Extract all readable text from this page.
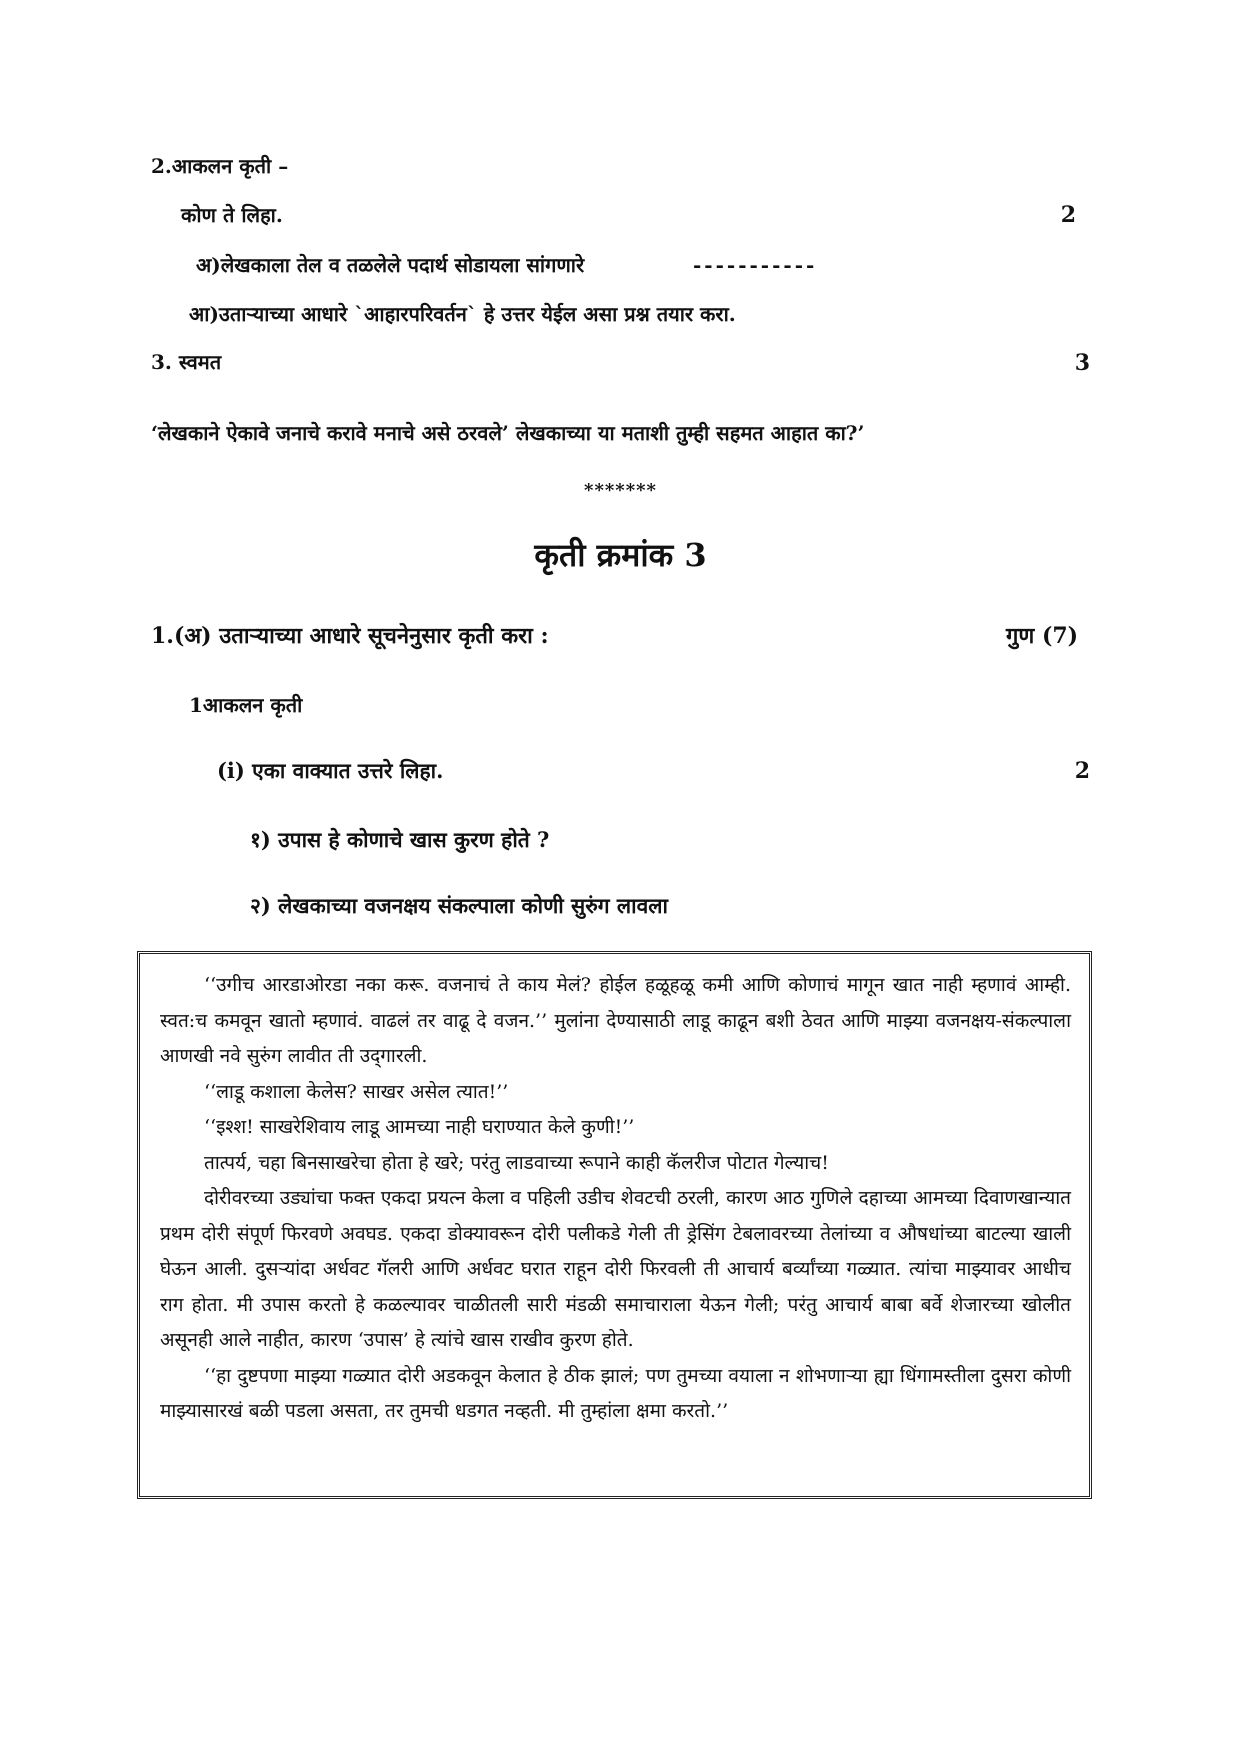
2.आकलन कृती –
कोण ते लिहा.	2
अ)लेखकाला तेल व तळलेले पदार्थ सोडायला सांगणारे	-----------
आ)उताऱ्याच्या आधारे `आहारपरिवर्तन` हे उत्तर येईल असा प्रश्न तयार करा.
3. स्वमत	3
‘लेखकाने ऐकावे जनाचे करावे मनाचे असे ठरवले’ लेखकाच्या या मताशी तुम्ही सहमत आहात का?’
*******
कृती क्रमांक 3
1.(अ) उताऱ्याच्या आधारे सूचनेनुसार कृती करा :	गुण (7)
1आकलन कृती
(i) एका वाक्यात उत्तरे लिहा.	2
१) उपास हे कोणाचे खास कुरण होते ?
२) लेखकाच्या वजनक्षय संकल्पाला कोणी सुरुंग लावला

‘‘उगीच आरडाओरडा नका करू. वजनाचं ते काय मेलं? होईल हळूहळू कमी आणि कोणाचं मागून खात नाही म्हणावं आम्ही. स्वत:च कमवून खातो म्हणावं. वाढलं तर वाढू दे वजन.’’ मुलांना देण्यासाठी लाडू काढून बशी ठेवत आणि माझ्या वजनक्षय-संकल्पाला आणखी नवे सुरुंग लावीत ती उद्‌गारली.

‘‘लाडू कशाला केलेस? साखर असेल त्यात!’’

‘‘इश्श! साखरेशिवाय लाडू आमच्या नाही घराण्यात केले कुणी!’’

तात्पर्य, चहा बिनसाखरेचा होता हे खरे; परंतु लाडवाच्या रूपाने काही कॅलरीज पोटात गेल्याच!

दोरीवरच्या उड्यांचा फक्त एकदा प्रयत्न केला व पहिली उडीच शेवटची ठरली, कारण आठ गुणिले दहाच्या आमच्या दिवाणखान्यात प्रथम दोरी संपूर्ण फिरवणे अवघड. एकदा डोक्यावरून दोरी पलीकडे गेली ती ड्रेसिंग टेबलावरच्या तेलांच्या व औषधांच्या बाटल्या खाली घेऊन आली. दुसऱ्यांदा अर्धवट गॅलरी आणि अर्धवट घरात राहून दोरी फिरवली ती आचार्य बर्व्यांच्या गळ्यात. त्यांचा माझ्यावर आधीच राग होता. मी उपास करतो हे कळल्यावर चाळीतली सारी मंडळी समाचाराला येऊन गेली; परंतु आचार्य बाबा बर्वे शेजारच्या खोलीत असूनही आले नाहीत, कारण ‘उपास’ हे त्यांचे खास राखीव कुरण होते.

‘‘हा दुष्टपणा माझ्या गळ्यात दोरी अडकवून केलात हे ठीक झालं; पण तुमच्या वयाला न शोभणाऱ्या ह्या धिंगामस्तीला दुसरा कोणी माझ्यासारखं बळी पडला असता, तर तुमची धडगत नव्हती. मी तुम्हांला क्षमा करतो.’’
